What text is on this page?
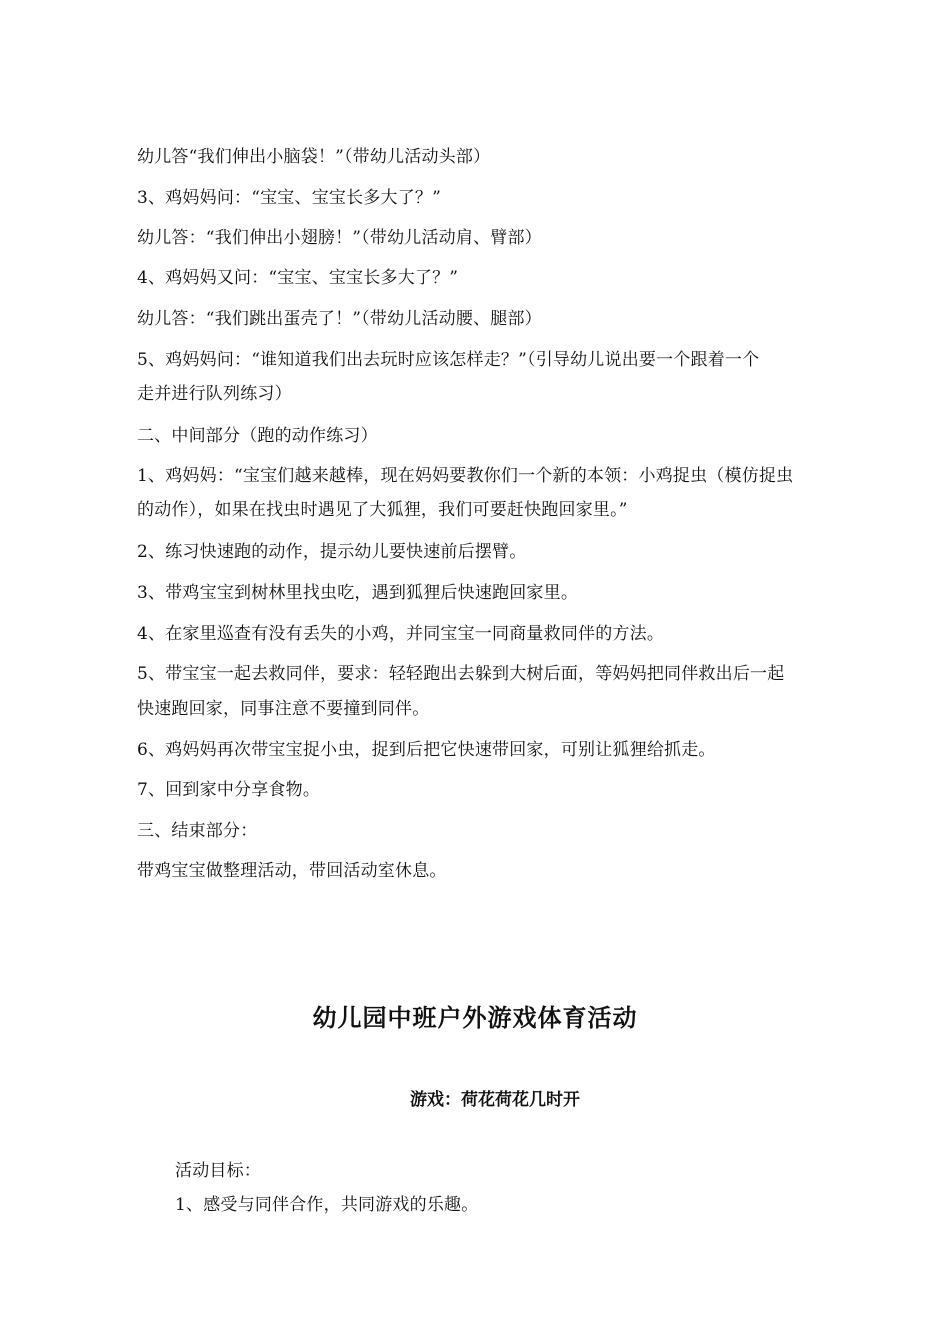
幼儿答“我们伸出小脑袋！”（带幼儿活动头部）
3、鸡妈妈问：“宝宝、宝宝长多大了？”
幼儿答：“我们伸出小翅膀！”（带幼儿活动肩、臂部）
4、鸡妈妈又问：“宝宝、宝宝长多大了？”
幼儿答：“我们跳出蛋壳了！”（带幼儿活动腰、腿部）
5、鸡妈妈问：“谁知道我们出去玩时应该怎样走？”（引导幼儿说出要一个跟着一个
走并进行队列练习）
二、中间部分（跑的动作练习）
1、鸡妈妈：“宝宝们越来越棒，现在妈妈要教你们一个新的本领：小鸡捉虫（模仿捉虫
的动作），如果在找虫时遇见了大狐狸，我们可要赶快跑回家里。”
2、练习快速跑的动作，提示幼儿要快速前后摆臂。
3、带鸡宝宝到树林里找虫吃，遇到狐狸后快速跑回家里。
4、在家里巡查有没有丢失的小鸡，并同宝宝一同商量救同伴的方法。
5、带宝宝一起去救同伴，要求：轻轻跑出去躲到大树后面，等妈妈把同伴救出后一起
快速跑回家，同事注意不要撞到同伴。
6、鸡妈妈再次带宝宝捉小虫，捉到后把它快速带回家，可别让狐狸给抓走。
7、回到家中分享食物。
三、结束部分：
带鸡宝宝做整理活动，带回活动室休息。
幼儿园中班户外游戏体育活动
游戏：荷花荷花几时开
活动目标：
1、感受与同伴合作，共同游戏的乐趣。
